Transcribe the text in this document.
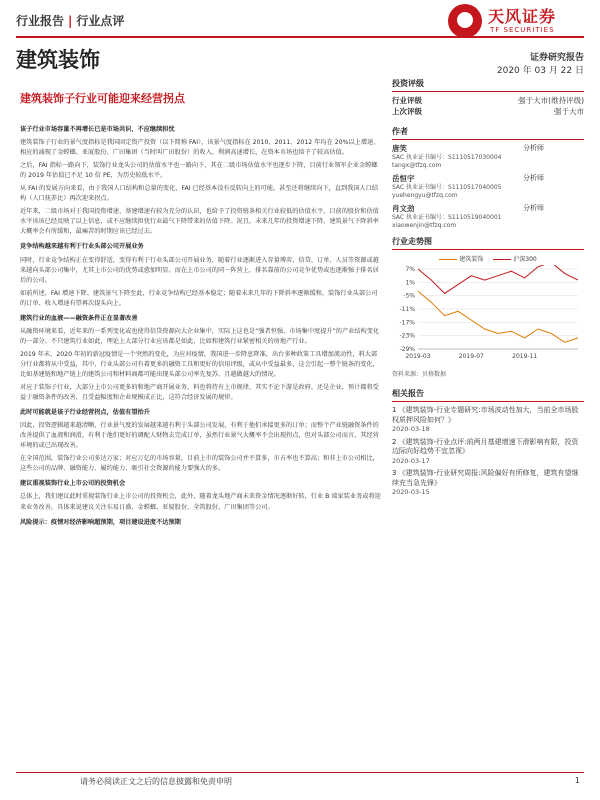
行业报告 | 行业点评	天风证券
TF SECURITIES
建筑装饰	证券研究报告
2020 年 03 月 22 日
建筑装饰子行业可能迎来经营拐点

该子行业市场容量不再增长已是市场共识，不应继续担忧

建筑装饰子行业的景气度指标是我国固定资产投资（以下简称 FAI），该景气度指标在 2010、2011、2012 年均在 20%以上增速，相应的涌现了金螳螂、亚厦股份、广田集团（当时叫广田股份）的收入、利润高速增长，在资本市场也给予了较高估值。

之后，FAI 指标一路向下，装饰行业龙头公司的估值水平也一路向下，其在二级市场估值水平也逐步下降，目前行业领军企业金螳螂的 2019 年估值已不足 10 倍 PE，为历史较低水平。

从 FAI 的发展方向来看，由于我国人口结构和总量的变化，FAI 已经基本没有反转向上的可能，甚至还将继续向下，直到我国人口结构（人口抚养比）再次迎来拐点。

近年来，二级市场对于我国投资增速、基建增速有较为充分的认识，也给予了投资链条相关行业较低的估值水平，目前的股价和估值水平该该已经反映了以上信息，或不应继续担忧行业最气下降带来的估值下降。况且，未来几年的投资增速下降、建筑景气下降斜率大概率会有所缓和，最痛苦的时期应该已经过去。

竞争结构越来越有利于行业头部公司开展业务

同时，行业竞争结构正在变得舒适，变得有利于行业头部公司开展业务，随着行业逐渐进入存量博弈，信贷、订单、人员等资源或越来越向头部公司集中，尤其上市公司的优势或愈加明显。而在上市公司的同一阵营上，排名靠前的公司竞争优势或也逐渐强于排名居后的公司。

如前所述，FAI 增速下降、建筑景气下降至此，行业竞争结构已经基本稳定；随着未来几年的下降斜率逐渐缓和，装饰行业头部公司的订单、收入增速有望再次提头向上。

建筑行业的血液——融资条件正在显著改善

从融资环境来看，近年来的一系列变化或也使得信贷资源向大企业集中，实际上这也是“强者恒强、市场集中度提升”的产业结构变化的一部分。不只建筑行业如此，理论上大部分行业应该都是如此，比如和建筑行业紧密相关的房地产行业。

2019 年末、2020 年初的新冠疫情是一个突然的变化，为应对疫情，我国进一步降息降准，出台多种政策工具增加流动性，料大部分行业都将从中受益，其中，行业头部公司有着更多的融资工具和更好的信用评级，或从中受益最多，这会引起一整个链条的变化，比如基建链和地产链上的建筑公司和材料商都可能出现头部公司率先复苏、且越做越大的情况。

对应于装饰子行业，大部分上市公司更多的和地产商开展业务，料也将持有上市规律，其实不论下游是政府、还是企业，预计都将受益于融资条件的改善，且受益幅度和企业规模成正比，这符合经济发展的规律。

此时可能就是该子行业经营拐点，估值有望抬升

因此，投资逻辑越来越清晰，行业景气度的发展越来越有利于头部公司发展，有利于他们承接更多的订单；而整个产业链融资条件的改善提供了血液和润滑，有利于他们更好的调配人财物去完成订单，虽然行业景气大概率不会出现拐点，但对头部公司而言，其经营环境的或已出现改善。

在全国范围，装饰行业公司多达万家；对应万亿的市场容量，目前上市的装饰公司并不算多，市占率也不算高；和非上市公司相比，这些公司的品牌、融资能力、履约能力、吸引社会资源的能力要强大的多。

建议重视装饰行业上市公司的投资机会

总体上，我们建议此时重视装饰行业上市公司的投资机会，此外，随着龙头地产商未来资金情况逐渐好转，行业 B 端家装业务或将迎来业务改善，具体来说建议关注东易日盛、金螳螂、亚厦股份、全筑股份、广田集团等公司。

风险提示：疫情对经济影响超预期，项目建设进度不达预期

投资评级
行业评级	强于大市(维持评级)
上次评级	强于大市
作者
唐笑	分析师
SAC 执业证书编号：S1110517030004
tangx@tfzq.com
岳恒宇	分析师
SAC 执业证书编号：S1110517040005
yuehengyu@tfzq.com
肖文劲	分析师
SAC 执业证书编号：S1110519040001
xiaowenjin@tfzq.com
行业走势图
建筑装饰	沪深300
7%
1%
-5%
-11%
-17%
-23%
-29%
2019-03	2019-07	2019-11
资料来源：贝格数据
相关报告
1 《建筑装饰-行业专题研究:市场波动性加大，当前全市场股权质押风险如何？》
2020-03-18
2 《建筑装饰-行业点评:前两月基建增速下滑影响有限，投资边际向好趋势不宜忽视》
2020-03-17
3 《建筑装饰-行业研究周报:风险偏好有所修复，建筑有望继续充当急先锋》
2020-03-15
请务必阅读正文之后的信息披露和免责申明	1
